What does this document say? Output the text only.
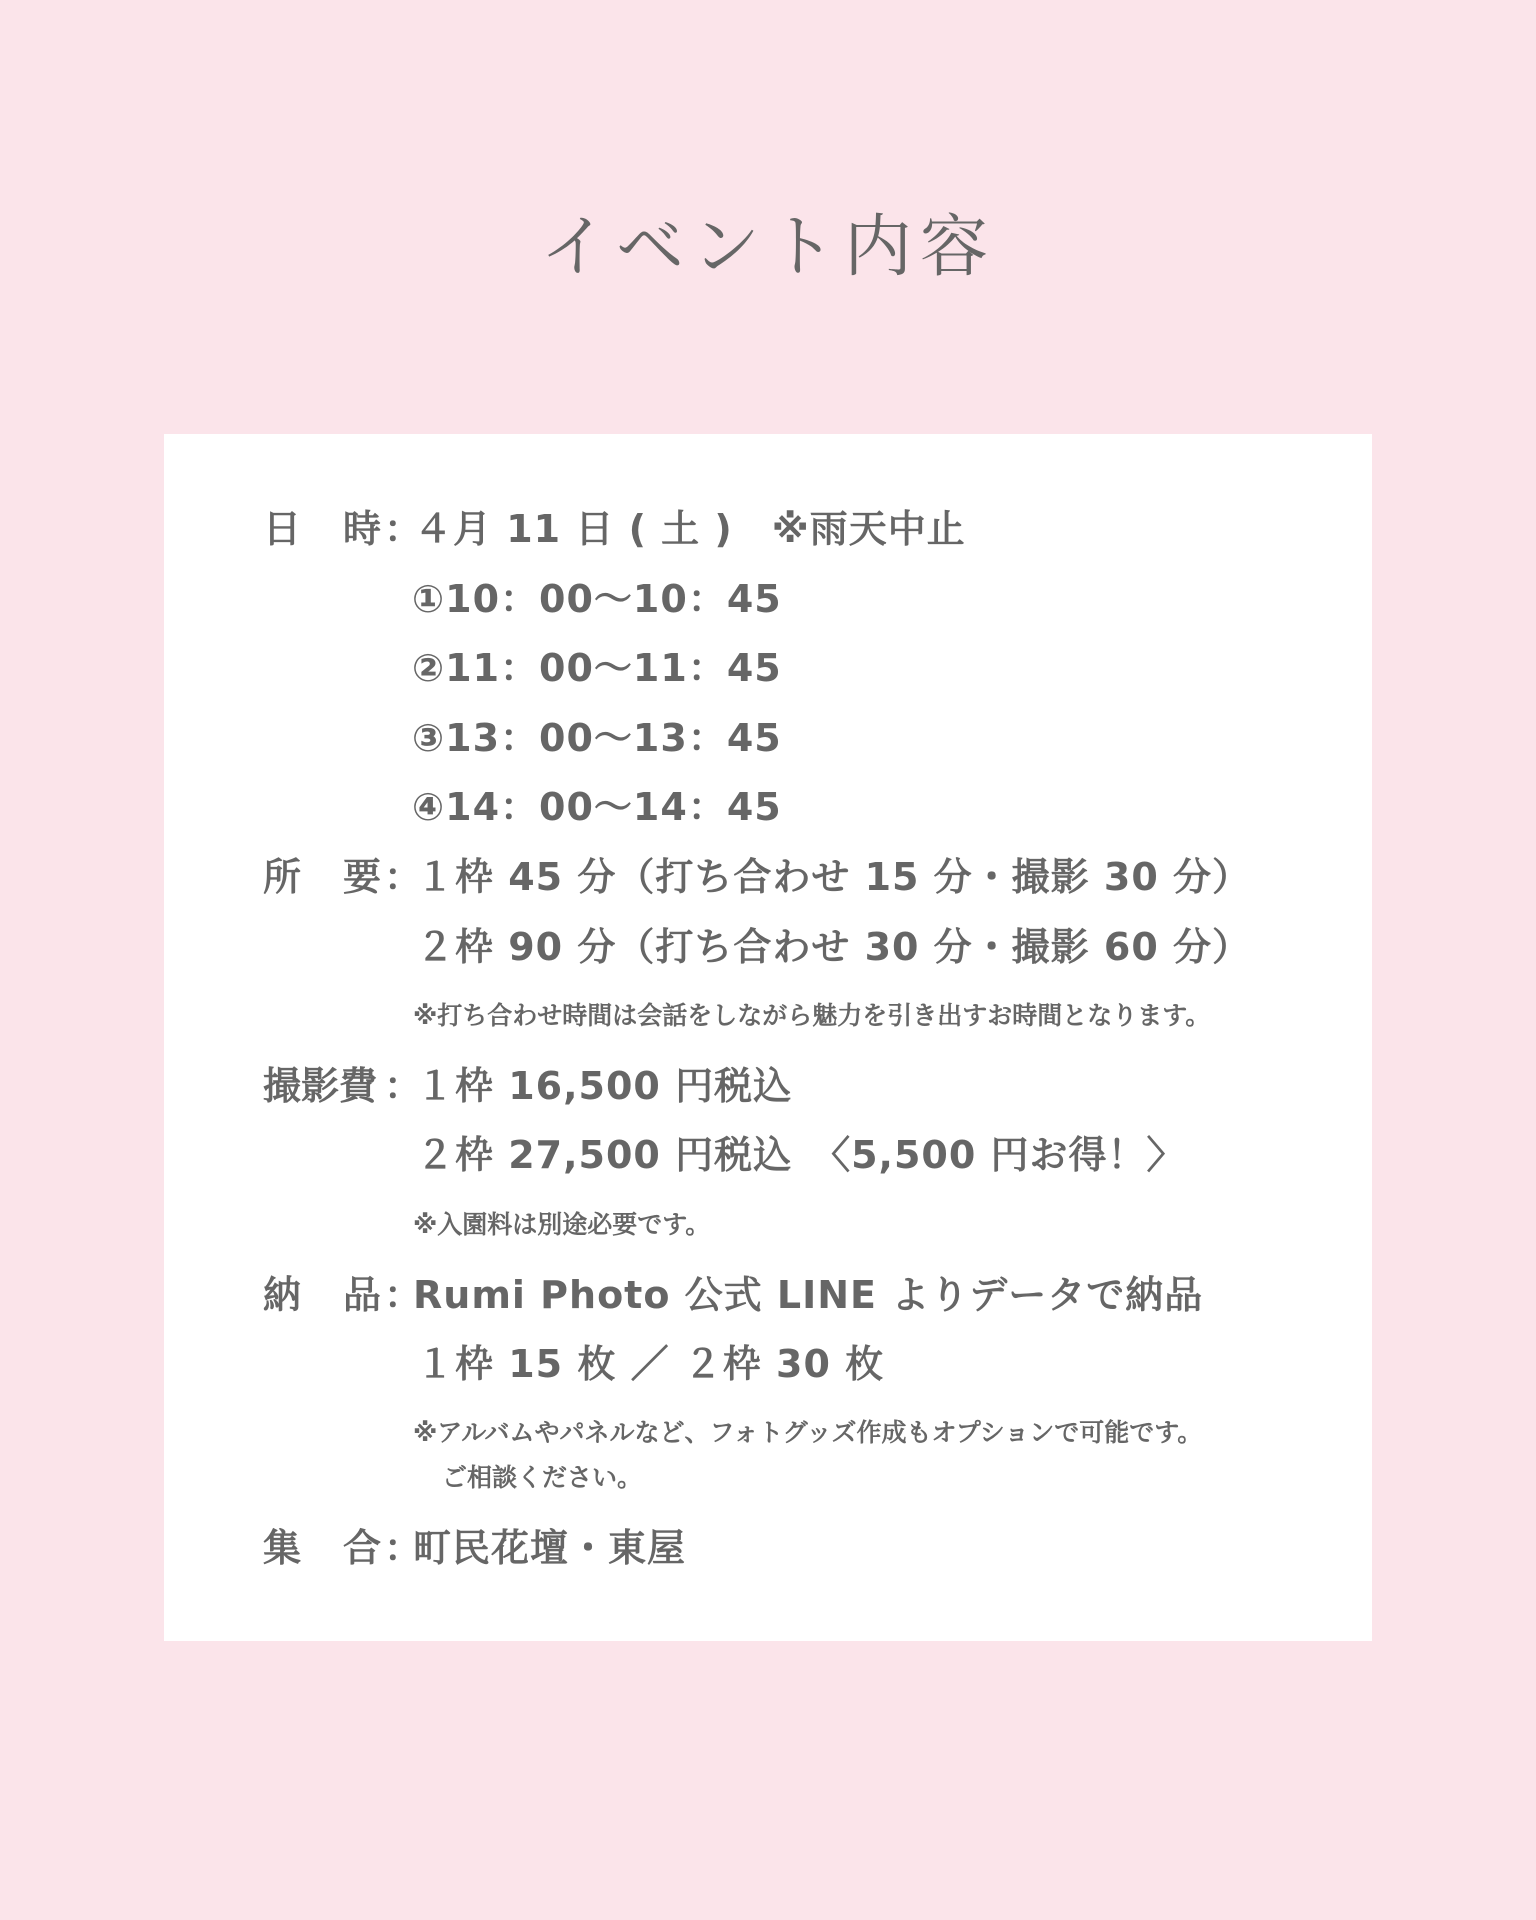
イベント内容
日　時 ：
４月 11 日 ( 土 )　※雨天中止
①10：00～10：45
②11：00～11：45
③13：00～13：45
④14：00～14：45
所　要 ：
１枠 45 分（打ち合わせ 15 分・撮影 30 分）
２枠 90 分（打ち合わせ 30 分・撮影 60 分）
※打ち合わせ時間は会話をしながら魅力を引き出すお時間となります。
撮影費 ：
１枠 16,500 円税込
２枠 27,500 円税込　〈5,500 円お得！〉
※入園料は別途必要です。
納　品 ：
Rumi Photo 公式 LINE よりデータで納品
１枠 15 枚 ／ ２枠 30 枚
※アルバムやパネルなど、フォトグッズ作成もオプションで可能です。
ご相談ください。
集　合 ：
町民花壇・東屋
